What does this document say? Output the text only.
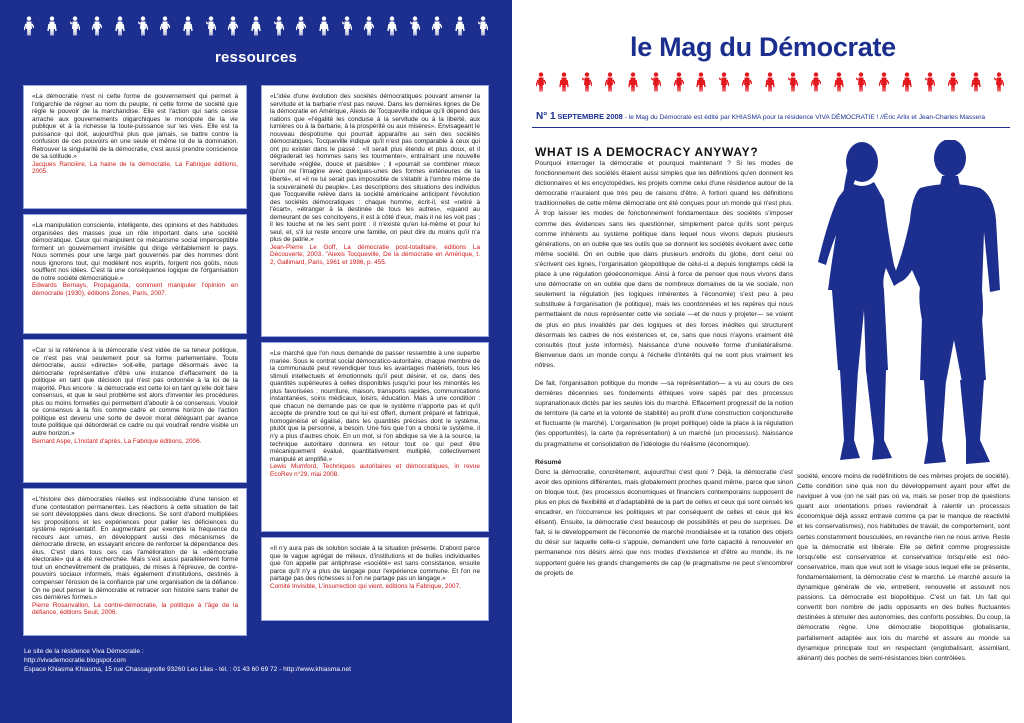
ressources
«La démocratie n'est ni cette forme de gouvernement qui permet à l'oligarchie de régner au nom du peuple, ni cette forme de société que règle le pouvoir de la marchandise. Elle est l'action qui sans cesse arrache aux gouvernements oligarchiques le monopole de la vie publique et à la richesse la toute-puissance sur les vies. Elle est la puissance qui doit, aujourd'hui plus que jamais, se battre contre la confusion de ces pouvoirs en une seule et même loi de la domination. Retrouver la singularité de la démocratie, c'est aussi prendre conscience de sa solitude.»
Jacques Rancière, La haine de la démocratie, La Fabrique éditions, 2005.
«La manipulation consciente, intelligente, des opinions et des habitudes organisées des masses joue un rôle important dans une société démocratique. Ceux qui manipulent ce mécanisme social imperceptible forment un gouvernement invisible qui dirige véritablement le pays. Nous sommes pour une large part gouvernés par des hommes dont nous ignorons tout, qui modèlent nos esprits, forgent nos goûts, nous soufflent nos idées. C'est là une conséquence logique de l'organisation de notre société démocratique.»
Edwards Bernays, Propaganda, comment manipuler l'opinion en démocratie (1930), éditions Zones, Paris, 2007.
«Car si la référence à la démocratie s'est vidée de sa teneur politique, ce n'est pas vrai seulement pour sa forme parlementaire. Toute démocratie, aussi «directe» soit-elle, partage désormais avec la démocratie représentative d'être une instance d'effacement de la politique en tant que décision qui n'est pas ordonnée à la loi de la majorité. Plus encore : la démocratie est cette loi en tant qu'elle doit faire consensus, et que le seul problème est alors d'inventer les procédures plus ou moins formelles qui permettent d'aboutir à ce consensus. Vouloir ce consensus à la fois comme cadre et comme horizon de l'action politique est devenu une sorte de devoir moral déléguant par avance toute politique qui déborderait ce cadre ou qui voudrait rendre visible un autre horizon.»
Bernard Aspe, L'instant d'après, La Fabrique éditions, 2006.
«L'histoire des démocraties réelles est indissociable d'une tension et d'une contestation permanentes. Les réactions à cette situation de fait se sont développées dans deux directions. Se sont d'abord multipliées les propositions et les expériences pour pallier les déficiences du système représentatif. En augmentant par exemple la fréquence du recours aux urnes, en développant aussi des mécanismes de démocratie directe, en essayant encore de renforcer la dépendance des élus. C'est dans tous ces cas l'amélioration de la «démocratie électorale» qui a été recherchée. Mais s'est aussi parallèlement formé tout un enchevêtrement de pratiques, de mises à l'épreuve, de contre-pouvoirs sociaux informels, mais également d'institutions, destinés à compenser l'érosion de la confiance par une organisation de la défiance. On ne peut penser la démocratie et retracer son histoire sans traiter de ces dernières formes.»
Pierre Rosanvallon, La contre-démocratie, la politique à l'âge de la défiance, éditions Seuil, 2006.
«L'idée d'une évolution des sociétés démocratiques pouvant amener la servitude et la barbarie n'est pas neuve. Dans les dernières lignes de De la démocratie en Amérique, Alexis de Tocqueville indique qu'il dépend des nations que «l'égalité les conduise à la servitude ou à la liberté, aux lumières ou à la barbarie, à la prospérité ou aux misères». Envisageant le nouveau despotisme qui pourrait apparaître au sein des sociétés démocratiques, Tocqueville indique qu'il n'est pas comparable à ceux qui ont pu exister dans le passé : «Il serait plus étendu et plus doux, et il dégraderait les hommes sans les tourmenter», entraînant une nouvelle servitude «réglée, douce et paisible» ; il «pourrait se combiner mieux qu'on ne l'imagine avec quelques-unes des formes extérieures de la liberté», et «il ne lui serait pas impossible de s'établir à l'ombre même de la souveraineté du peuple». Les descriptions des situations des individus que Tocqueville relève dans la société américaine anticipent l'évolution des sociétés démocratiques : chaque homme, écrit-il, est «retiré à l'écart», «étranger à la destinée de tous les autres», «quand au demeurant de ses concitoyens, il est à côté d'eux, mais il ne les voit pas ; il les touche et ne les sent point : il n'existe qu'en lui-même et pour lui seul, et, s'il lui reste encore une famille, on peut dire du moins qu'il n'a plus de patrie.»
Jean-Pierre Le Goff, La démocratie post-totalitaire, éditions La Découverte, 2003. "Alexis Tocqueville, De la démocratie en Amérique, t. 2, Gallimard, Paris, 1961 et 1986, p. 455.
«Le marché que l'on nous demande de passer ressemble à une superbe mariée. Sous le contrat social démocratico-autoritaire, chaque membre de la communauté peut revendiquer tous les avantages matériels, tous les stimuli intellectuels et émotionnels qu'il peut désirer, et ce, dans des quantités supérieures à celles disponibles jusqu'ici pour les minorités les plus favorisées : nourriture, maison, transports rapides, communications instantanées, soins médicaux, loisirs, éducation. Mais à une condition : que chacun ne demande pas ce que le système n'apporte pas et qu'il accepte de prendre tout ce qui lui est offert, dument préparé et fabriqué, homogénéisé et égalisé, dans les quantités précises dont le système, plutôt que la personne, a besoin. Une fois que l'on a choisi le système, il n'y a plus d'autres choix. En un mot, si l'on abdique sa vie à la source, la technique autoritaire donnera en retour tout ce qui peut être mécaniquement évalué, quantitativement multiplié, collectivement manipulé et amplifié.»
Lewis Mumford, Techniques autoritaires et démocratiques, in revue EcoRev n°29, mai 2008.
«Il n'y aura pas de solution sociale à la situation présente. D'abord parce que le vague agrégat de milieux, d'institutions et de bulles individuelles que l'on appelle par antiphrase «société» est sans consistance, ensuite parce qu'il n'y a plus de langage pour l'expérience commune. Et l'on ne partage pas des richesses si l'on ne partage pas un langage.»
Comité Invisible, L'insurrection qui vient, éditions la Fabrique, 2007.
Le site de la résidence Viva Démocratie :
http://vivademocratie.blogspot.com
Espace Khiasma Khiasma, 15 rue Chassagnolle 93260 Les Lilas - tél. : 01 43 60 69 72 - http://www.khiasma.net
le Mag du Démocrate
N° 1 SEPTEMBRE 2008 - le Mag du Démocrate est édité par KHIASMA pour la résidence VIVA DÉMOCRATIE ! //Éric Arlix et Jean-Charles Massera
WHAT IS A DEMOCRACY ANYWAY?

Pourquoi interroger la démocratie et pourquoi maintenant ? Si les modes de fonctionnement des sociétés étaient aussi simples que les définitions qu'en donnent les dictionnaires et les encyclopédies, les projets comme celui d'une résidence autour de la démocratie n'auraient que très peu de raisons d'être. A fortiori quand les définitions traditionnelles de cette même démocratie ont été conçues pour un monde qui n'est plus. À trop laisser les modes de fonctionnement fondamentaux des sociétés s'imposer comme des évidences sans les questionner, simplement parce qu'ils sont perçus comme inhérents au système politique dans lequel nous vivons depuis plusieurs générations, on en oublie que les outils que se donnent les sociétés évoluent avec cette même société. On en oublie que dans plusieurs endroits du globe, dont celui où s'écrivent ces lignes, l'organisation géopolitique de celui-ci a depuis longtemps cédé la place à une régulation géoéconomique. Ainsi à force de penser que nous vivons dans une démocratie on en oublie que dans de nombreux domaines de la vie sociale, non seulement la régulation (les logiques inhérentes à l'économie) s'est peu à peu substituée à l'organisation (le politique), mais les coordonnées et les repères qui nous permettaient de nous représenter cette vie sociale —et de nous y projeter— se voient de plus en plus invalidés par des logiques et des forces inédites qui structurent désormais les cadres de nos existences et, ce, sans que nous n'ayons vraiment été consultés (tout juste informés). Naissance d'une nouvelle forme d'unilatéralisme. Bienvenue dans un monde conçu à l'échelle d'intérêts qui ne sont plus vraiment les nôtres.

De fait, l'organisation politique du monde —sa représentation— a vu au cours de ces dernières décennies ses fondements éthiques voire sapés par des processus supranationaux dictés par les seules lois du marché. Effacement progressif de la notion de territoire (la carte et la volonté de stabilité) au profit d'une construction conjoncturelle et fluctuante (le marché). L'organisation (le projet politique) cède la place à la régulation (les opportunités), la carte (la représentation) à un marché (un processus). Naissance du pragmatisme et consolidation de l'idéologie du réalisme (économique).

Résumé

Donc la démocratie, concrètement, aujourd'hui c'est quoi ? Déjà, la démocratie c'est avoir des opinions différentes, mais globalement proches quand même, parce que sinon on bloque tout, (les processus économiques et financiers contemporains supposent de plus en plus de flexibilité et d'adaptabilité de la part de celles et ceux qui sont censés les encadrer, en l'occurrence les politiques et par conséquent de celles et ceux qui les élisent). Ensuite, la démocratie c'est beaucoup de possibilités et peu de surprises. De fait, si le développement de l'économie de marché mondialisée et la rotation des objets du désir sur laquelle celle-ci s'appuie, demandent une forte capacité à renouveler en permanence nos désirs ainsi que nos modes d'existence et d'être au monde, ils ne supportent guère les grands changements de cap (le pragmatisme ne peut s'encombrer de projets de

société, encore moins de redéfinitions de ces mêmes projets de société). Cette condition sine qua non du développement ayant pour effet de naviguer à vue (on ne sait pas où va, mais se poser trop de questions quant aux orientations prises reviendrait à ralentir un processus économique déjà assez entravé comme ça par le manque de réactivité et les conservatismes), nos habitudes de travail, de comportement, sont certes constamment bousculées, en revanche rien ne nous arrive. Reste que la démocratie est libérale. Elle se définit comme progressiste lorsqu'elle est conservatrice et conservatrice lorsqu'elle est néo-conservatrice, mais que veut soit le visage sous lequel elle se présente, fondamentalement, la démocratie c'est le marché. Le marché assure la dynamique générale de vie, entretient, renouvelle et assouvit nos passions. La démocratie est biopolitique. C'est un fait. Un fait qui convertit bon nombre de jadis opposants en des bulles fluctuantes destinées à stimuler des autonomies, des conforts possibles. Du coup, la démocratie règne. Une démocratie biopolitique globalisante, parfaitement adaptée aux lois du marché et assure au monde sa dynamique principale tout en respectant (englobalisant, assimilant, aliénant) des poches de semi-résistances bien contrôlées.
